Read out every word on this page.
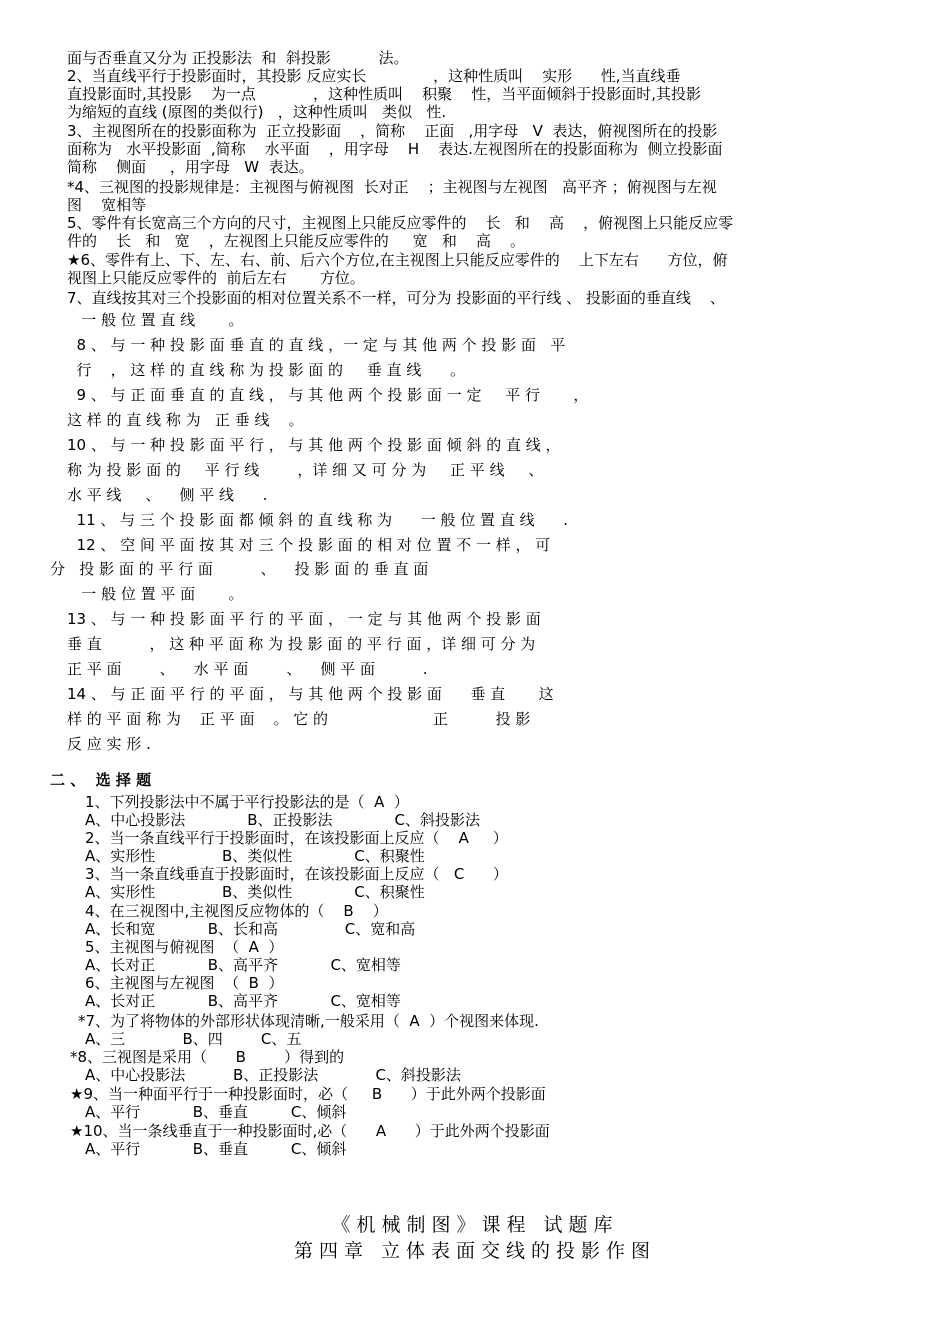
面与否垂直又分为 正投影法  和  斜投影          法。
2、当直线平行于投影面时，其投影 反应实长              ，这种性质叫    实形      性,当直线垂
直投影面时,其投影    为一点            ，这种性质叫    积聚    性，当平面倾斜于投影面时,其投影
为缩短的直线 (原图的类似行)   ，这种性质叫   类似   性.
3、主视图所在的投影面称为  正立投影面    ，简称    正面   ,用字母   V  表达，俯视图所在的投影
面称为   水平投影面  ,简称    水平面    ，用字母    H    表达.左视图所在的投影面称为  侧立投影面
简称    侧面     ，用字母   W  表达。
*4、三视图的投影规律是：主视图与俯视图  长对正    ；主视图与左视图   高平齐 ；俯视图与左视
图    宽相等
5、零件有长宽高三个方向的尺寸，主视图上只能反应零件的    长   和    高    ，俯视图上只能反应零
件的    长   和   宽    ，左视图上只能反应零件的     宽   和    高    。
★6、零件有上、下、左、右、前、后六个方位,在主视图上只能反应零件的    上下左右      方位，俯
视图上只能反应零件的  前后左右       方位。
7、直线按其对三个投影面的相对位置关系不一样，可分为 投影面的平行线 、 投影面的垂直线    、
一 般 位 置 直 线       。
8 、 与 一 种 投 影 面 垂 直 的 直 线 ，一 定 与 其 他 两 个 投 影 面   平
行    ， 这 样 的 直 线 称 为 投 影 面 的     垂 直 线      。
9 、 与 正 面 垂 直 的 直 线 ， 与 其 他 两 个 投 影 面 一 定     平 行       ，
这 样 的 直 线 称 为   正 垂 线    。
10 、 与 一 种 投 影 面 平 行 ， 与 其 他 两 个 投 影 面 倾 斜 的 直 线 ，
称 为 投 影 面 的     平 行 线        ，详 细 又 可 分 为     正 平 线     、
水 平 线     、    侧 平 线      .
11 、 与 三 个 投 影 面 都 倾 斜 的 直 线 称 为      一 般 位 置 直 线      .
12 、 空 间 平 面 按 其 对 三 个 投 影 面 的 相 对 位 置 不 一 样 ， 可
分   投 影 面 的 平 行 面          、    投 影 面 的 垂 直 面
一 般 位 置 平 面       。
13 、 与 一 种 投 影 面 平 行 的 平 面 ， 一 定 与 其 他 两 个 投 影 面
垂 直          ， 这 种 平 面 称 为 投 影 面 的 平 行 面 ，详 细 可 分 为
正 平 面        、    水 平 面        、    侧 平 面          .
14 、 与 正 面 平 行 的 平 面 ， 与 其 他 两 个 投 影 面      垂 直       这
样 的 平 面 称 为    正 平 面    。 它 的                      正          投 影
反 应 实 形 .
二 、  选 择 题
1、下列投影法中不属于平行投影法的是（  A  ）
A、中心投影法             B、正投影法             C、斜投影法
2、当一条直线平行于投影面时，在该投影面上反应（    A     ）
A、实形性              B、类似性             C、积聚性
3、当一条直线垂直于投影面时，在该投影面上反应（   C      ）
A、实形性              B、类似性             C、积聚性
4、在三视图中,主视图反应物体的（    B    ）
A、长和宽           B、长和高              C、宽和高
5、主视图与俯视图  （  A  ）
A、长对正           B、高平齐           C、宽相等
6、主视图与左视图  （  B  ）
A、长对正           B、高平齐           C、宽相等
*7、为了将物体的外部形状体现清晰,一般采用（  A  ）个视图来体现.
A、三            B、四        C、五
*8、三视图是采用（      B        ）得到的
A、中心投影法          B、正投影法            C、斜投影法
★9、当一种面平行于一种投影面时，必（     B      ）于此外两个投影面
A、平行           B、垂直         C、倾斜
★10、当一条线垂直于一种投影面时,必（      A      ）于此外两个投影面
A、平行           B、垂直         C、倾斜
《机械制图》课程 试题库
第四章 立体表面交线的投影作图
